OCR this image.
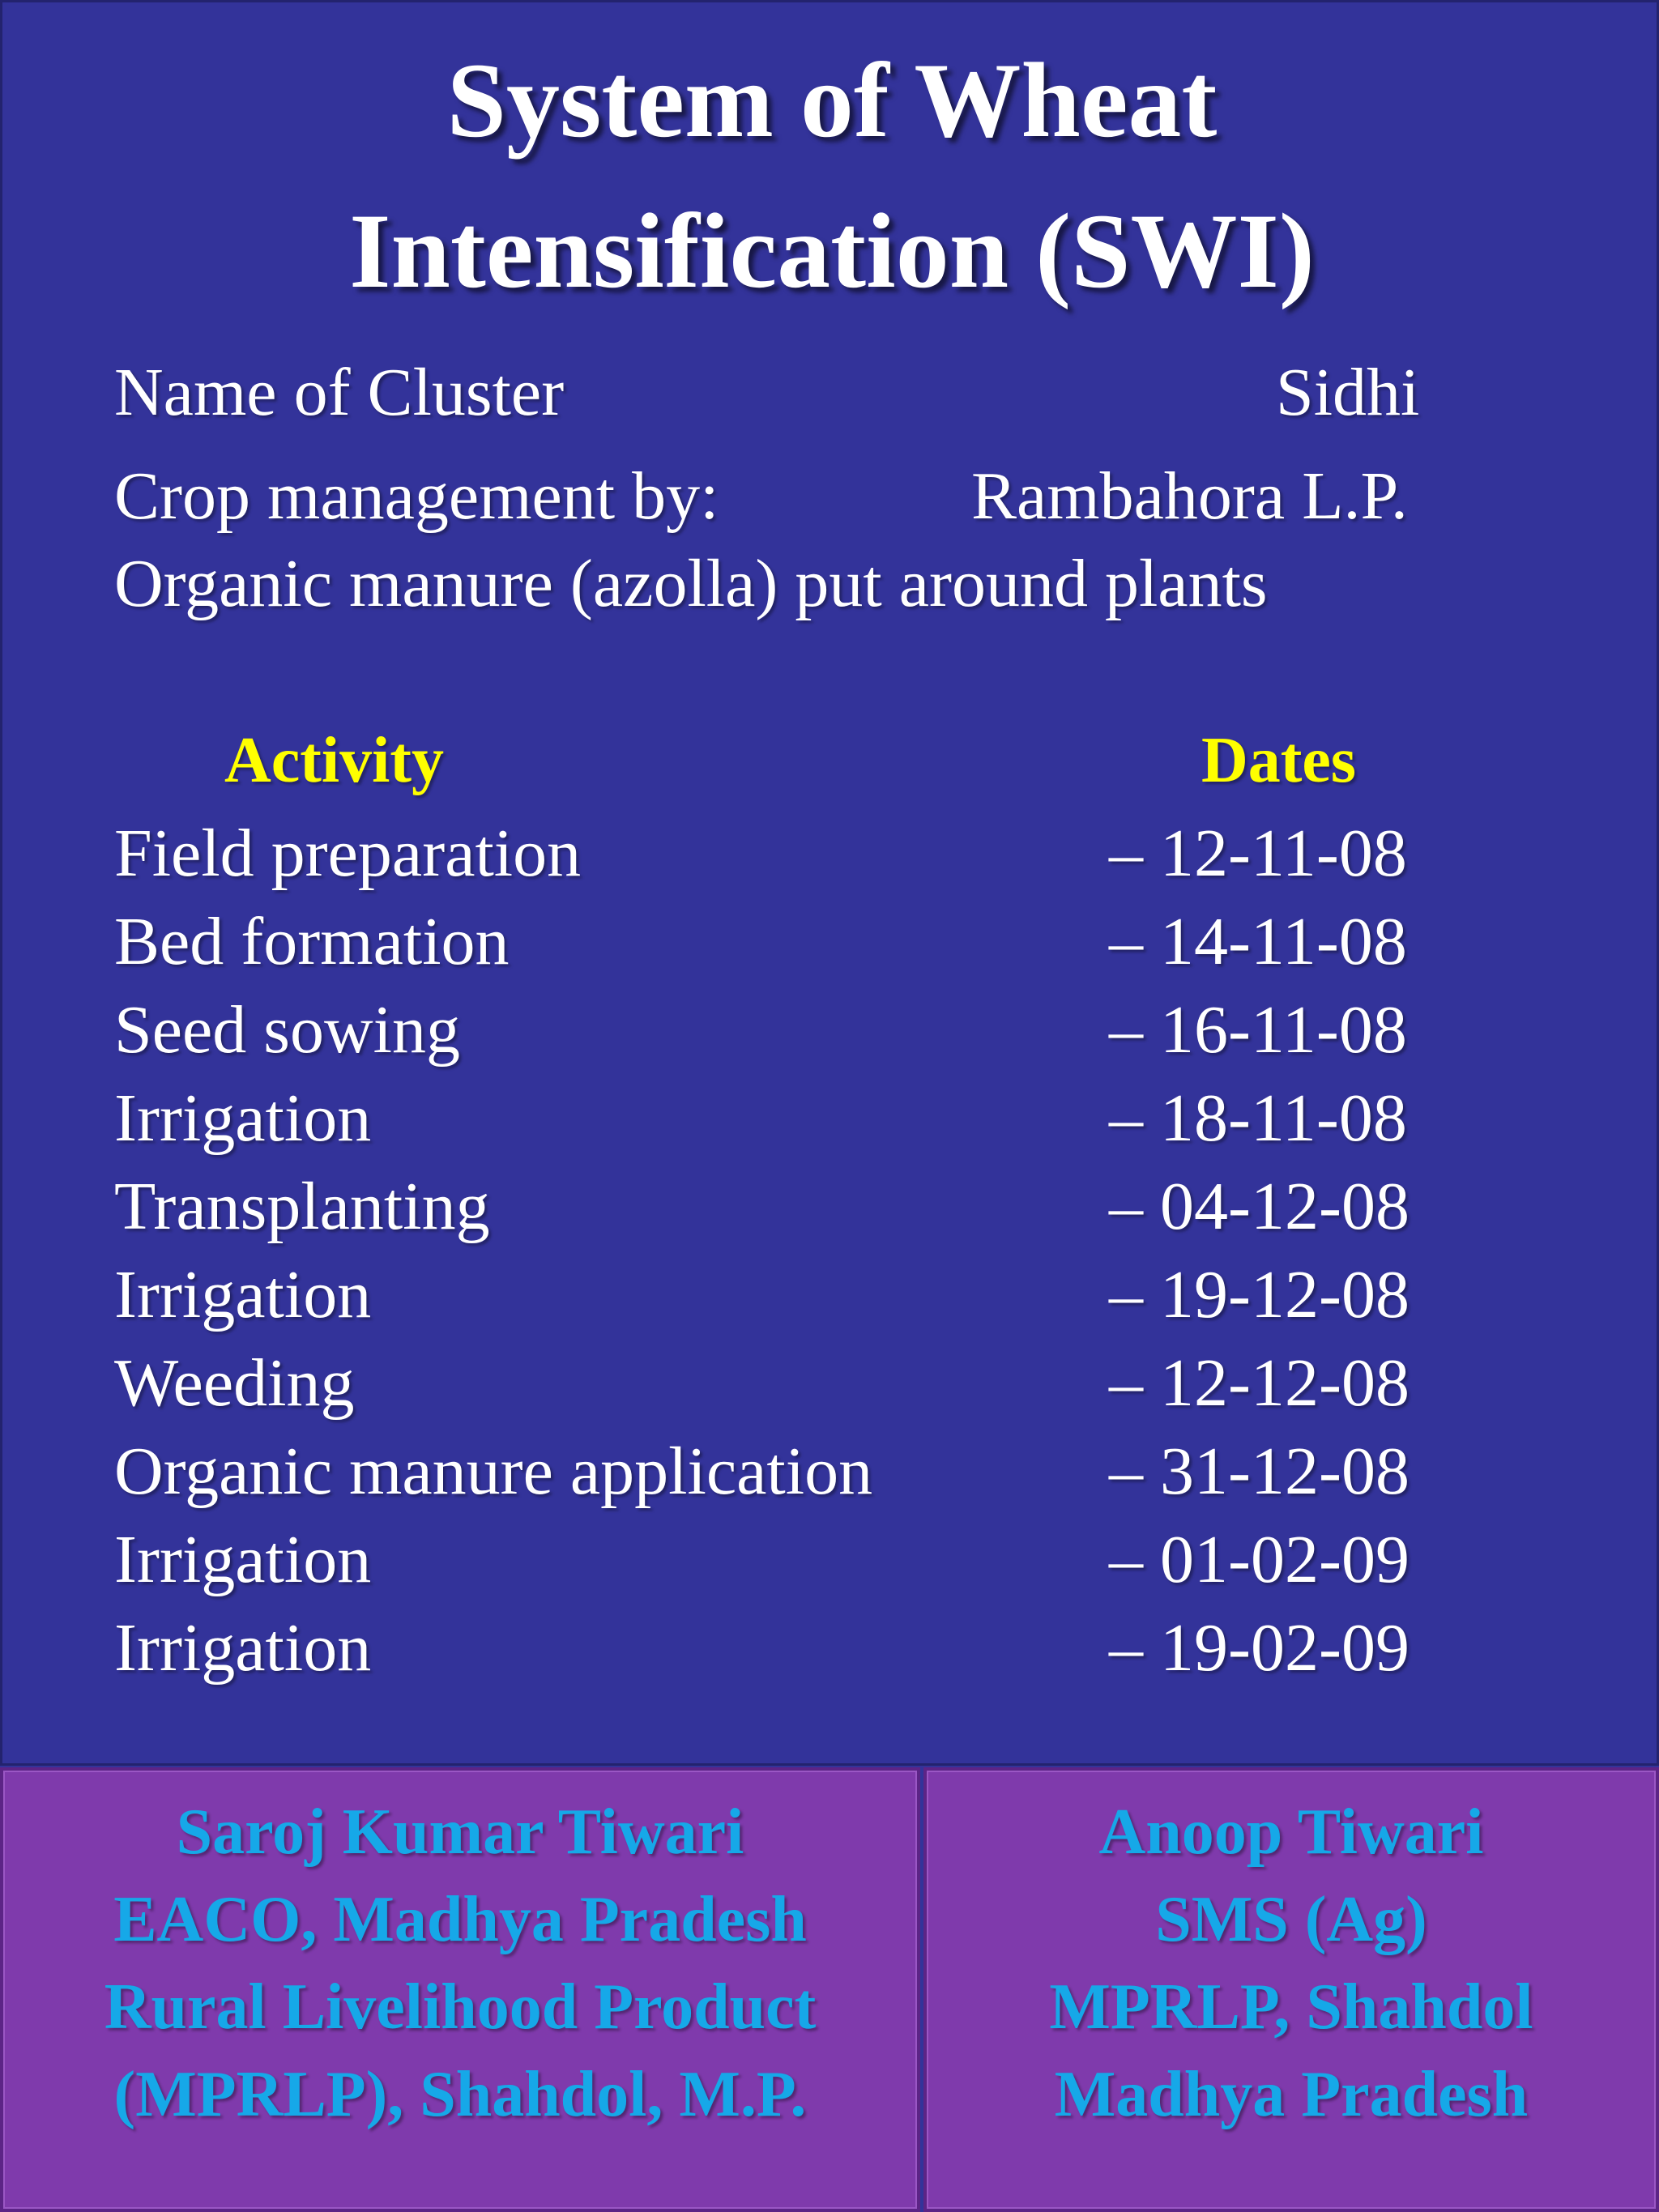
System of Wheat
Intensification (SWI)
Name of Cluster	Sidhi
Crop management by:	Rambahora L.P.
Organic manure (azolla) put around plants
Activity	Dates
Field preparation	– 12-11-08
Bed formation	– 14-11-08
Seed sowing	– 16-11-08
Irrigation	– 18-11-08
Transplanting	– 04-12-08
Irrigation	– 19-12-08
Weeding	– 12-12-08
Organic manure application	– 31-12-08
Irrigation	– 01-02-09
Irrigation	– 19-02-09
Saroj Kumar Tiwari
EACO, Madhya Pradesh
Rural Livelihood Product
(MPRLP), Shahdol, M.P.
Anoop Tiwari
SMS (Ag)
MPRLP, Shahdol
Madhya Pradesh
